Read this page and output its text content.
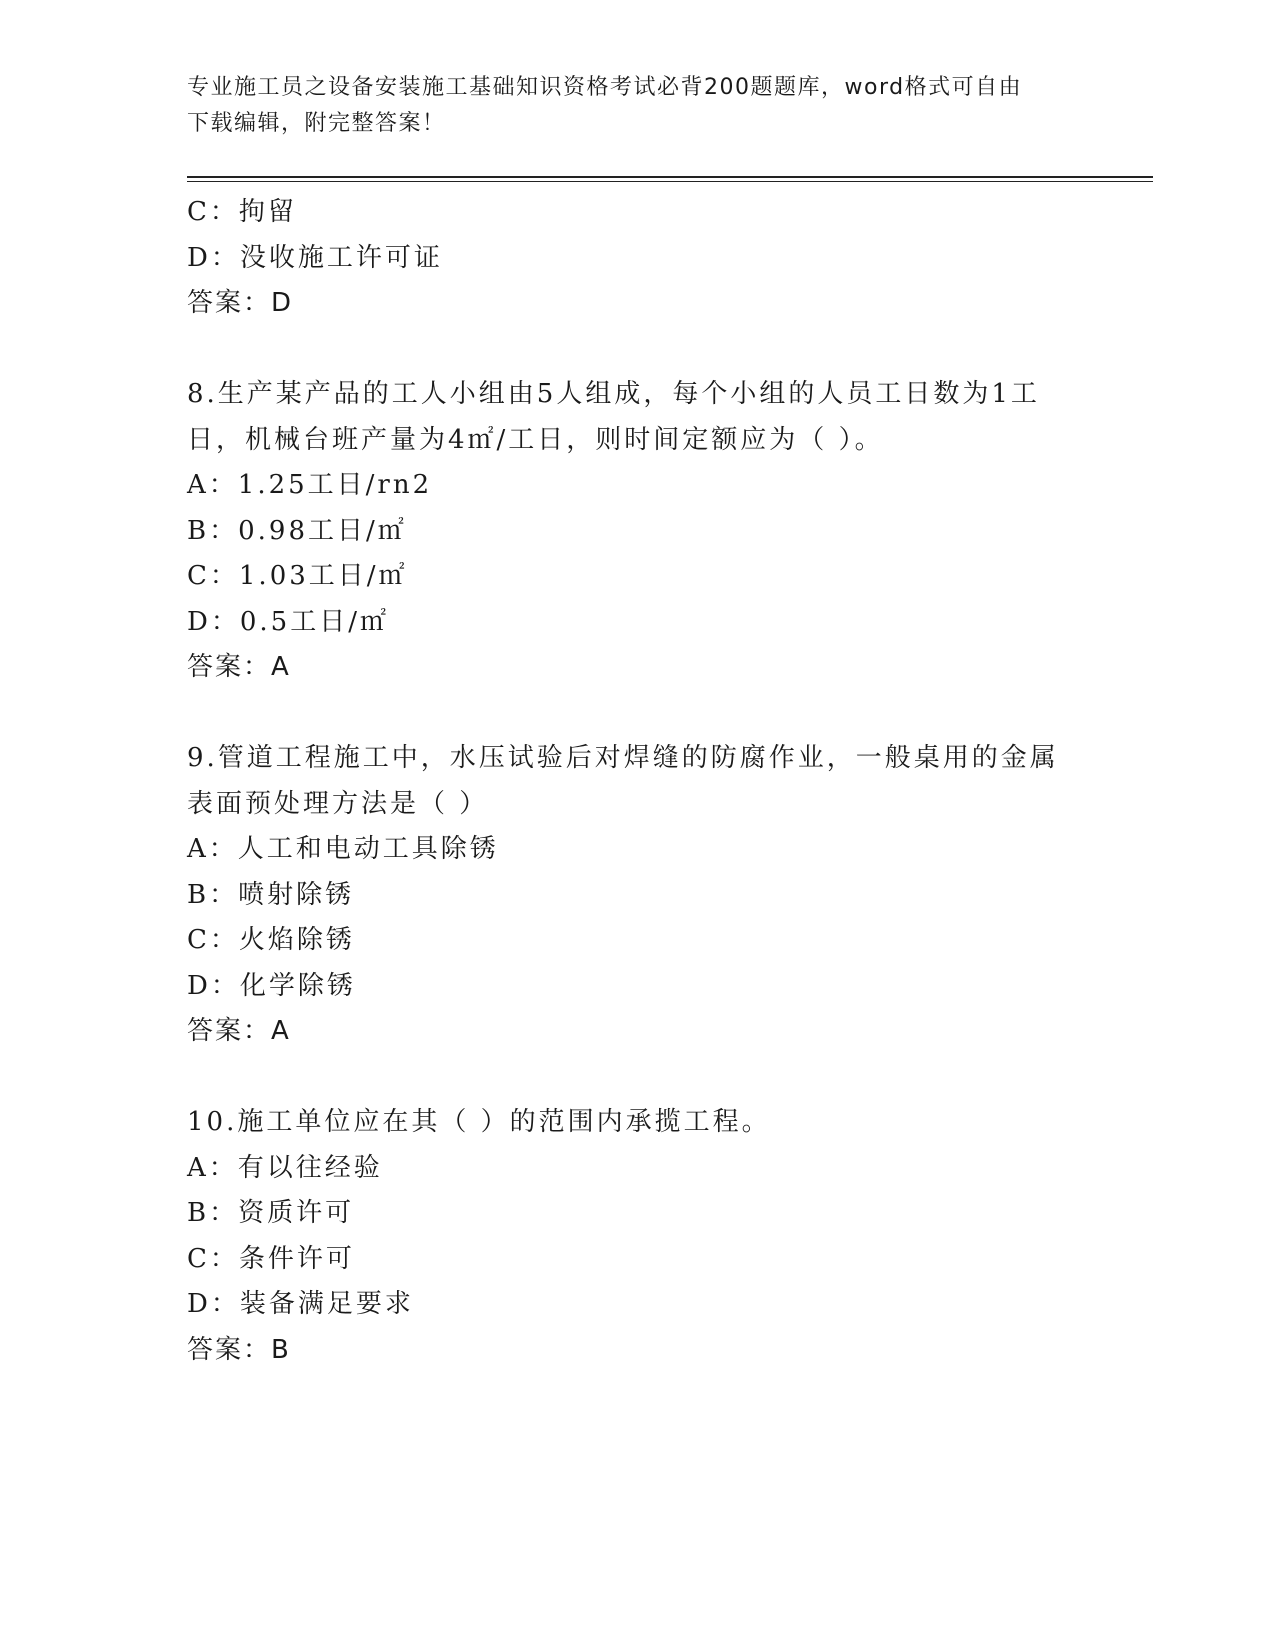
专业施工员之设备安装施工基础知识资格考试必背200题题库，word格式可自由
下载编辑，附完整答案！
C：拘留
D：没收施工许可证
答案：D
8.生产某产品的工人小组由5人组成，每个小组的人员工日数为1工
日，机械台班产量为4㎡/工日，则时间定额应为（ ）。
A：1.25工日/rn2
B：0.98工日/㎡
C：1.03工日/㎡
D：0.5工日/㎡
答案：A
9.管道工程施工中，水压试验后对焊缝的防腐作业，一般桌用的金属
表面预处理方法是（ ）
A：人工和电动工具除锈
B：喷射除锈
C：火焰除锈
D：化学除锈
答案：A
10.施工单位应在其（ ）的范围内承揽工程。
A：有以往经验
B：资质许可
C：条件许可
D：装备满足要求
答案：B
